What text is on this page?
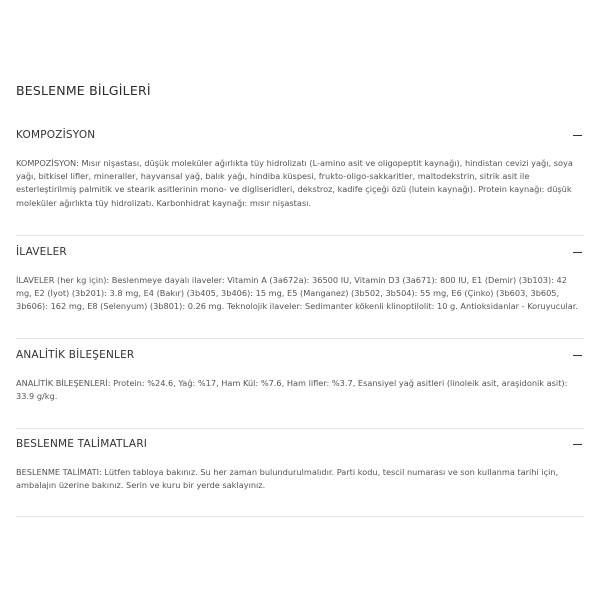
BESLENME BİLGİLERİ
KOMPOZİSYON
KOMPOZİSYON: Mısır nişastası, düşük moleküler ağırlıkta tüy hidrolizatı (L-amino asit ve oligopeptit kaynağı), hindistan cevizi yağı, soya yağı, bitkisel lifler, mineraller, hayvansal yağ, balık yağı, hindiba küspesi, frukto-oligo-sakkaritler, maltodekstrin, sitrik asit ile esterleştirilmiş palmitik ve stearik asitlerinin mono- ve digliseridleri, dekstroz, kadife çiçeği özü (lutein kaynağı). Protein kaynağı: düşük moleküler ağırlıkta tüy hidrolizatı. Karbonhidrat kaynağı: mısır nişastası.
İLAVELER
İLAVELER (her kg için): Beslenmeye dayalı ilaveler: Vitamin A (3a672a): 36500 IU, Vitamin D3 (3a671): 800 IU, E1 (Demir) (3b103): 42 mg, E2 (İyot) (3b201): 3.8 mg, E4 (Bakır) (3b405, 3b406): 15 mg, E5 (Manganez) (3b502, 3b504): 55 mg, E6 (Çinko) (3b603, 3b605, 3b606): 162 mg, E8 (Selenyum) (3b801): 0.26 mg. Teknolojik ilaveler: Sedimanter kökenli klinoptilolit: 10 g. Antioksidanlar - Koruyucular.
ANALİTİK BİLEŞENLER
ANALİTİK BİLEŞENLERİ: Protein: %24.6, Yağ: %17, Ham Kül: %7.6, Ham lifler: %3.7, Esansiyel yağ asitleri (linoleik asit, araşidonik asit): 33.9 g/kg.
BESLENME TALİMATLARI
BESLENME TALİMATI: Lütfen tabloya bakınız. Su her zaman bulundurulmalıdır. Parti kodu, tescil numarası ve son kullanma tarihi için, ambalajın üzerine bakınız. Serin ve kuru bir yerde saklayınız.
